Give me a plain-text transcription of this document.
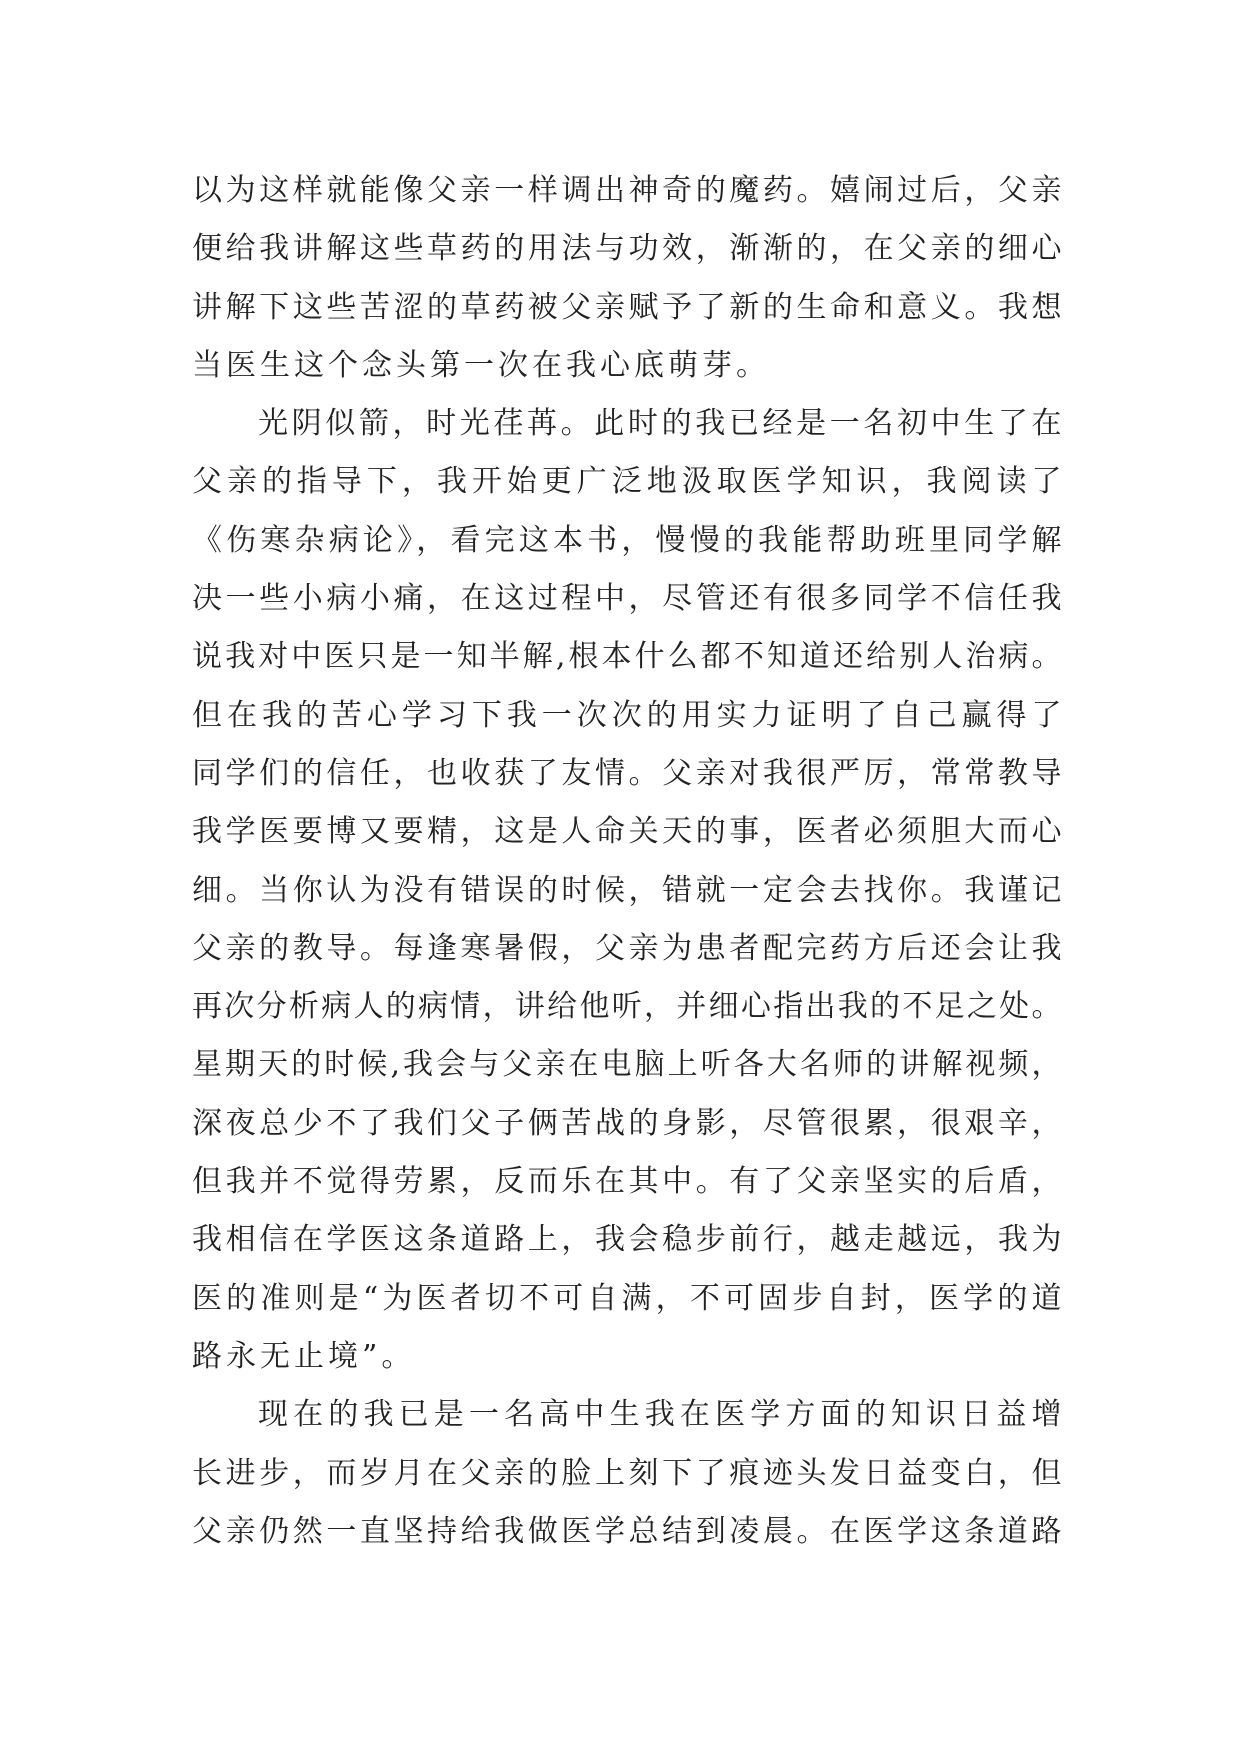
以为这样就能像父亲一样调出神奇的魔药。嬉闹过后，父亲
便给我讲解这些草药的用法与功效，渐渐的，在父亲的细心
讲解下这些苦涩的草药被父亲赋予了新的生命和意义。我想
当医生这个念头第一次在我心底萌芽。
光阴似箭，时光荏苒。此时的我已经是一名初中生了在
父亲的指导下，我开始更广泛地汲取医学知识，我阅读了
《伤寒杂病论》，看完这本书，慢慢的我能帮助班里同学解
决一些小病小痛，在这过程中，尽管还有很多同学不信任我
说我对中医只是一知半解,根本什么都不知道还给别人治病。
但在我的苦心学习下我一次次的用实力证明了自己赢得了
同学们的信任，也收获了友情。父亲对我很严厉，常常教导
我学医要博又要精，这是人命关天的事，医者必须胆大而心
细。当你认为没有错误的时候，错就一定会去找你。我谨记
父亲的教导。每逢寒暑假，父亲为患者配完药方后还会让我
再次分析病人的病情，讲给他听，并细心指出我的不足之处。
星期天的时候,我会与父亲在电脑上听各大名师的讲解视频，
深夜总少不了我们父子俩苦战的身影，尽管很累，很艰辛，
但我并不觉得劳累，反而乐在其中。有了父亲坚实的后盾，
我相信在学医这条道路上，我会稳步前行，越走越远，我为
医的准则是“为医者切不可自满，不可固步自封，医学的道
路永无止境”。
现在的我已是一名高中生我在医学方面的知识日益增
长进步，而岁月在父亲的脸上刻下了痕迹头发日益变白，但
父亲仍然一直坚持给我做医学总结到凌晨。在医学这条道路
